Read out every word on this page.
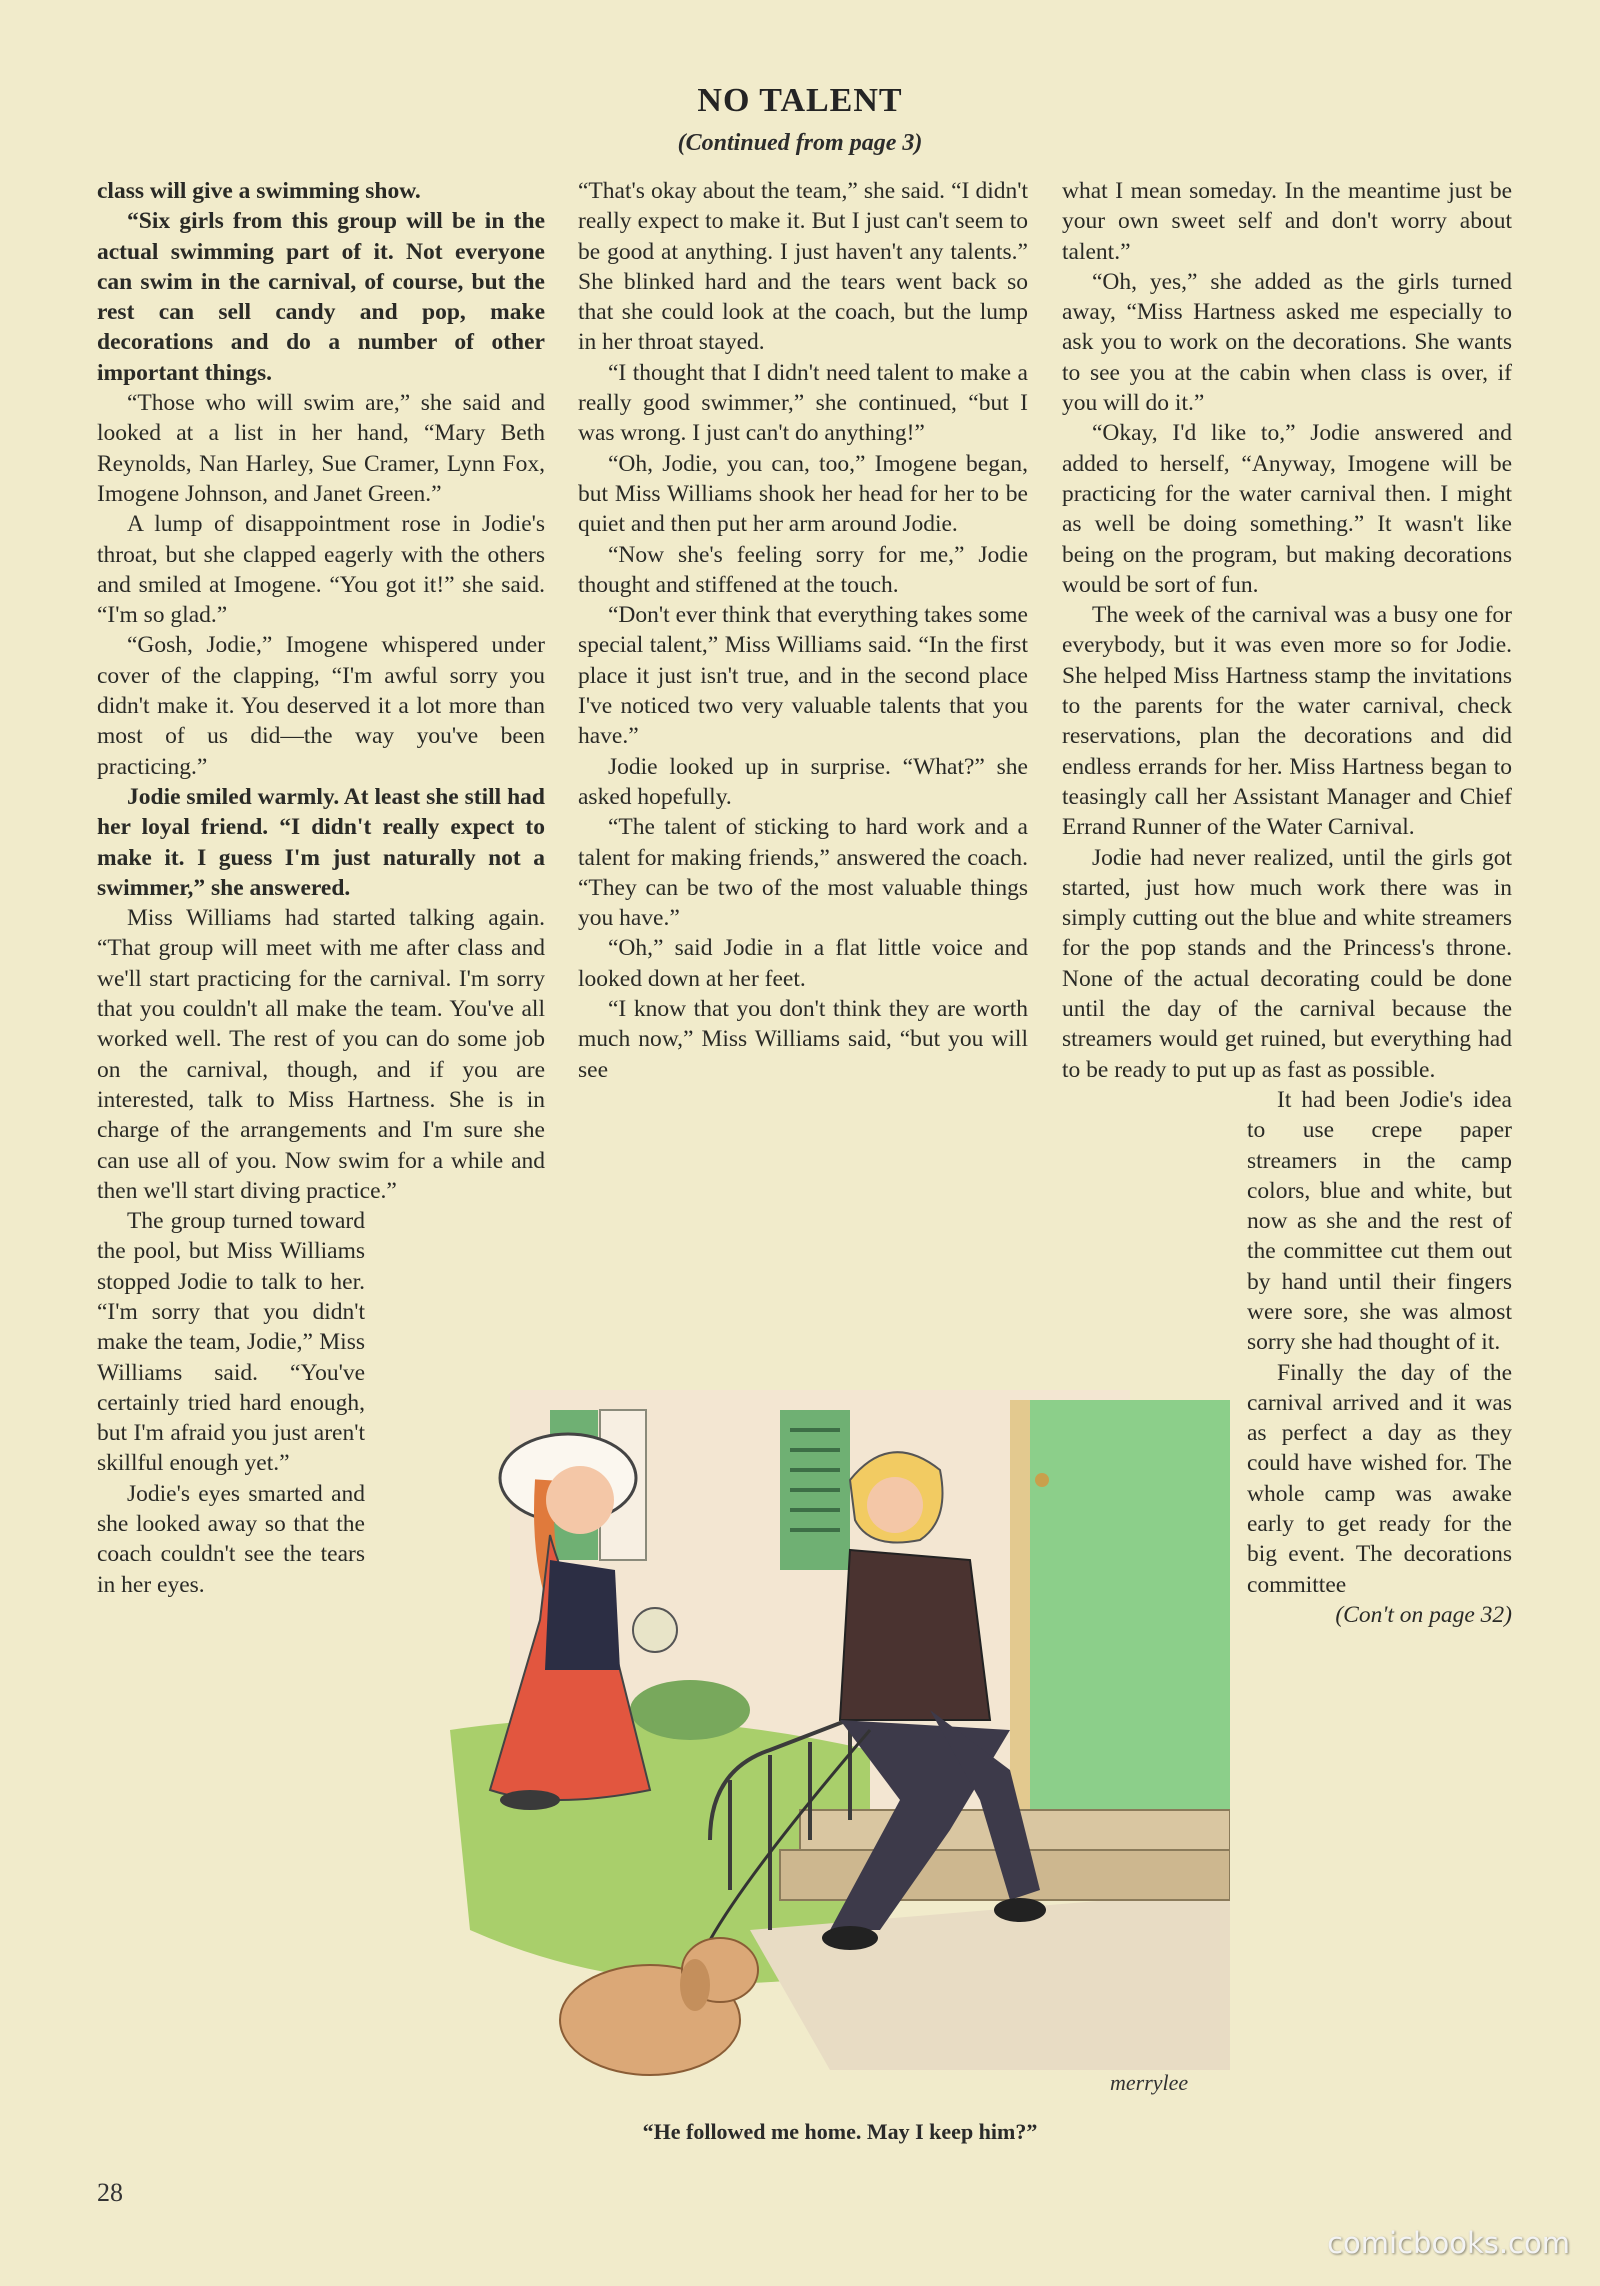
NO TALENT
(Continued from page 3)

class will give a swimming show.

“Six girls from this group will be in the actual swimming part of it. Not everyone can swim in the carnival, of course, but the rest can sell candy and pop, make decorations and do a number of other important things.

“Those who will swim are,” she said and looked at a list in her hand, “Mary Beth Reynolds, Nan Harley, Sue Cramer, Lynn Fox, Imogene Johnson, and Janet Green.”

A lump of disappointment rose in Jodie's throat, but she clapped eagerly with the others and smiled at Imogene. “You got it!” she said. “I'm so glad.”

“Gosh, Jodie,” Imogene whispered under cover of the clapping, “I'm awful sorry you didn't make it. You deserved it a lot more than most of us did—the way you've been practicing.”

Jodie smiled warmly. At least she still had her loyal friend. “I didn't really expect to make it. I guess I'm just naturally not a swimmer,” she answered.

Miss Williams had started talking again. “That group will meet with me after class and we'll start practicing for the carnival. I'm sorry that you couldn't all make the team. You've all worked well. The rest of you can do some job on the carnival, though, and if you are interested, talk to Miss Hartness. She is in charge of the arrangements and I'm sure she can use all of you. Now swim for a while and then we'll start diving practice.”

The group turned toward the pool, but Miss Williams stopped Jodie to talk to her. “I'm sorry that you didn't make the team, Jodie,” Miss Williams said. “You've certainly tried hard enough, but I'm afraid you just aren't skillful enough yet.”

Jodie's eyes smarted and she looked away so that the coach couldn't see the tears in her eyes.

“That's okay about the team,” she said. “I didn't really expect to make it. But I just can't seem to be good at anything. I just haven't any talents.” She blinked hard and the tears went back so that she could look at the coach, but the lump in her throat stayed.

“I thought that I didn't need talent to make a really good swimmer,” she continued, “but I was wrong. I just can't do anything!”

“Oh, Jodie, you can, too,” Imogene began, but Miss Williams shook her head for her to be quiet and then put her arm around Jodie.

“Now she's feeling sorry for me,” Jodie thought and stiffened at the touch.

“Don't ever think that everything takes some special talent,” Miss Williams said. “In the first place it just isn't true, and in the second place I've noticed two very valuable talents that you have.”

Jodie looked up in surprise. “What?” she asked hopefully.

“The talent of sticking to hard work and a talent for making friends,” answered the coach. “They can be two of the most valuable things you have.”

“Oh,” said Jodie in a flat little voice and looked down at her feet.

“I know that you don't think they are worth much now,” Miss Williams said, “but you will see

what I mean someday. In the meantime just be your own sweet self and don't worry about talent.”

“Oh, yes,” she added as the girls turned away, “Miss Hartness asked me especially to ask you to work on the decorations. She wants to see you at the cabin when class is over, if you will do it.”

“Okay, I'd like to,” Jodie answered and added to herself, “Anyway, Imogene will be practicing for the water carnival then. I might as well be doing something.” It wasn't like being on the program, but making decorations would be sort of fun.

The week of the carnival was a busy one for everybody, but it was even more so for Jodie. She helped Miss Hartness stamp the invitations to the parents for the water carnival, check reservations, plan the decorations and did endless errands for her. Miss Hartness began to teasingly call her Assistant Manager and Chief Errand Runner of the Water Carnival.

Jodie had never realized, until the girls got started, just how much work there was in simply cutting out the blue and white streamers for the pop stands and the Princess's throne. None of the actual decorating could be done until the day of the carnival because the streamers would get ruined, but everything had to be ready to put up as fast as possible.

It had been Jodie's idea to use crepe paper streamers in the camp colors, blue and white, but now as she and the rest of the committee cut them out by hand until their fingers were sore, she was almost sorry she had thought of it.

Finally the day of the carnival arrived and it was as perfect a day as they could have wished for. The whole camp was awake early to get ready for the big event. The decorations committee

(Con't on page 32)

merrylee
“He followed me home. May I keep him?”
28
comicbooks.com
